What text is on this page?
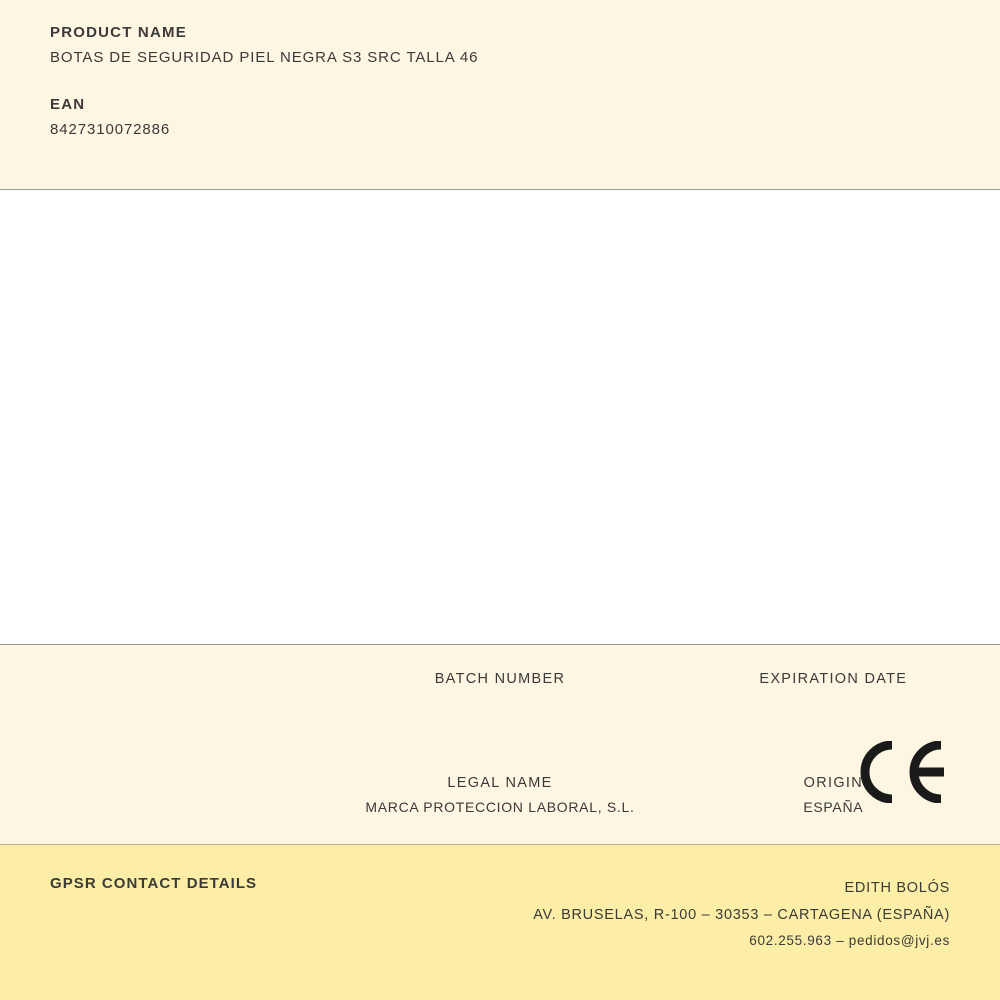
PRODUCT NAME

BOTAS DE SEGURIDAD PIEL NEGRA S3 SRC TALLA 46

EAN

8427310072886

BATCH NUMBER	EXPIRATION DATE

LEGAL NAME

MARCA PROTECCION LABORAL, S.L.

ORIGIN

ESPAÑA

GPSR CONTACT DETAILS	EDITH BOLÓS
AV. BRUSELAS, R-100 – 30353 – CARTAGENA (ESPAÑA)
602.255.963 – pedidos@jvj.es
